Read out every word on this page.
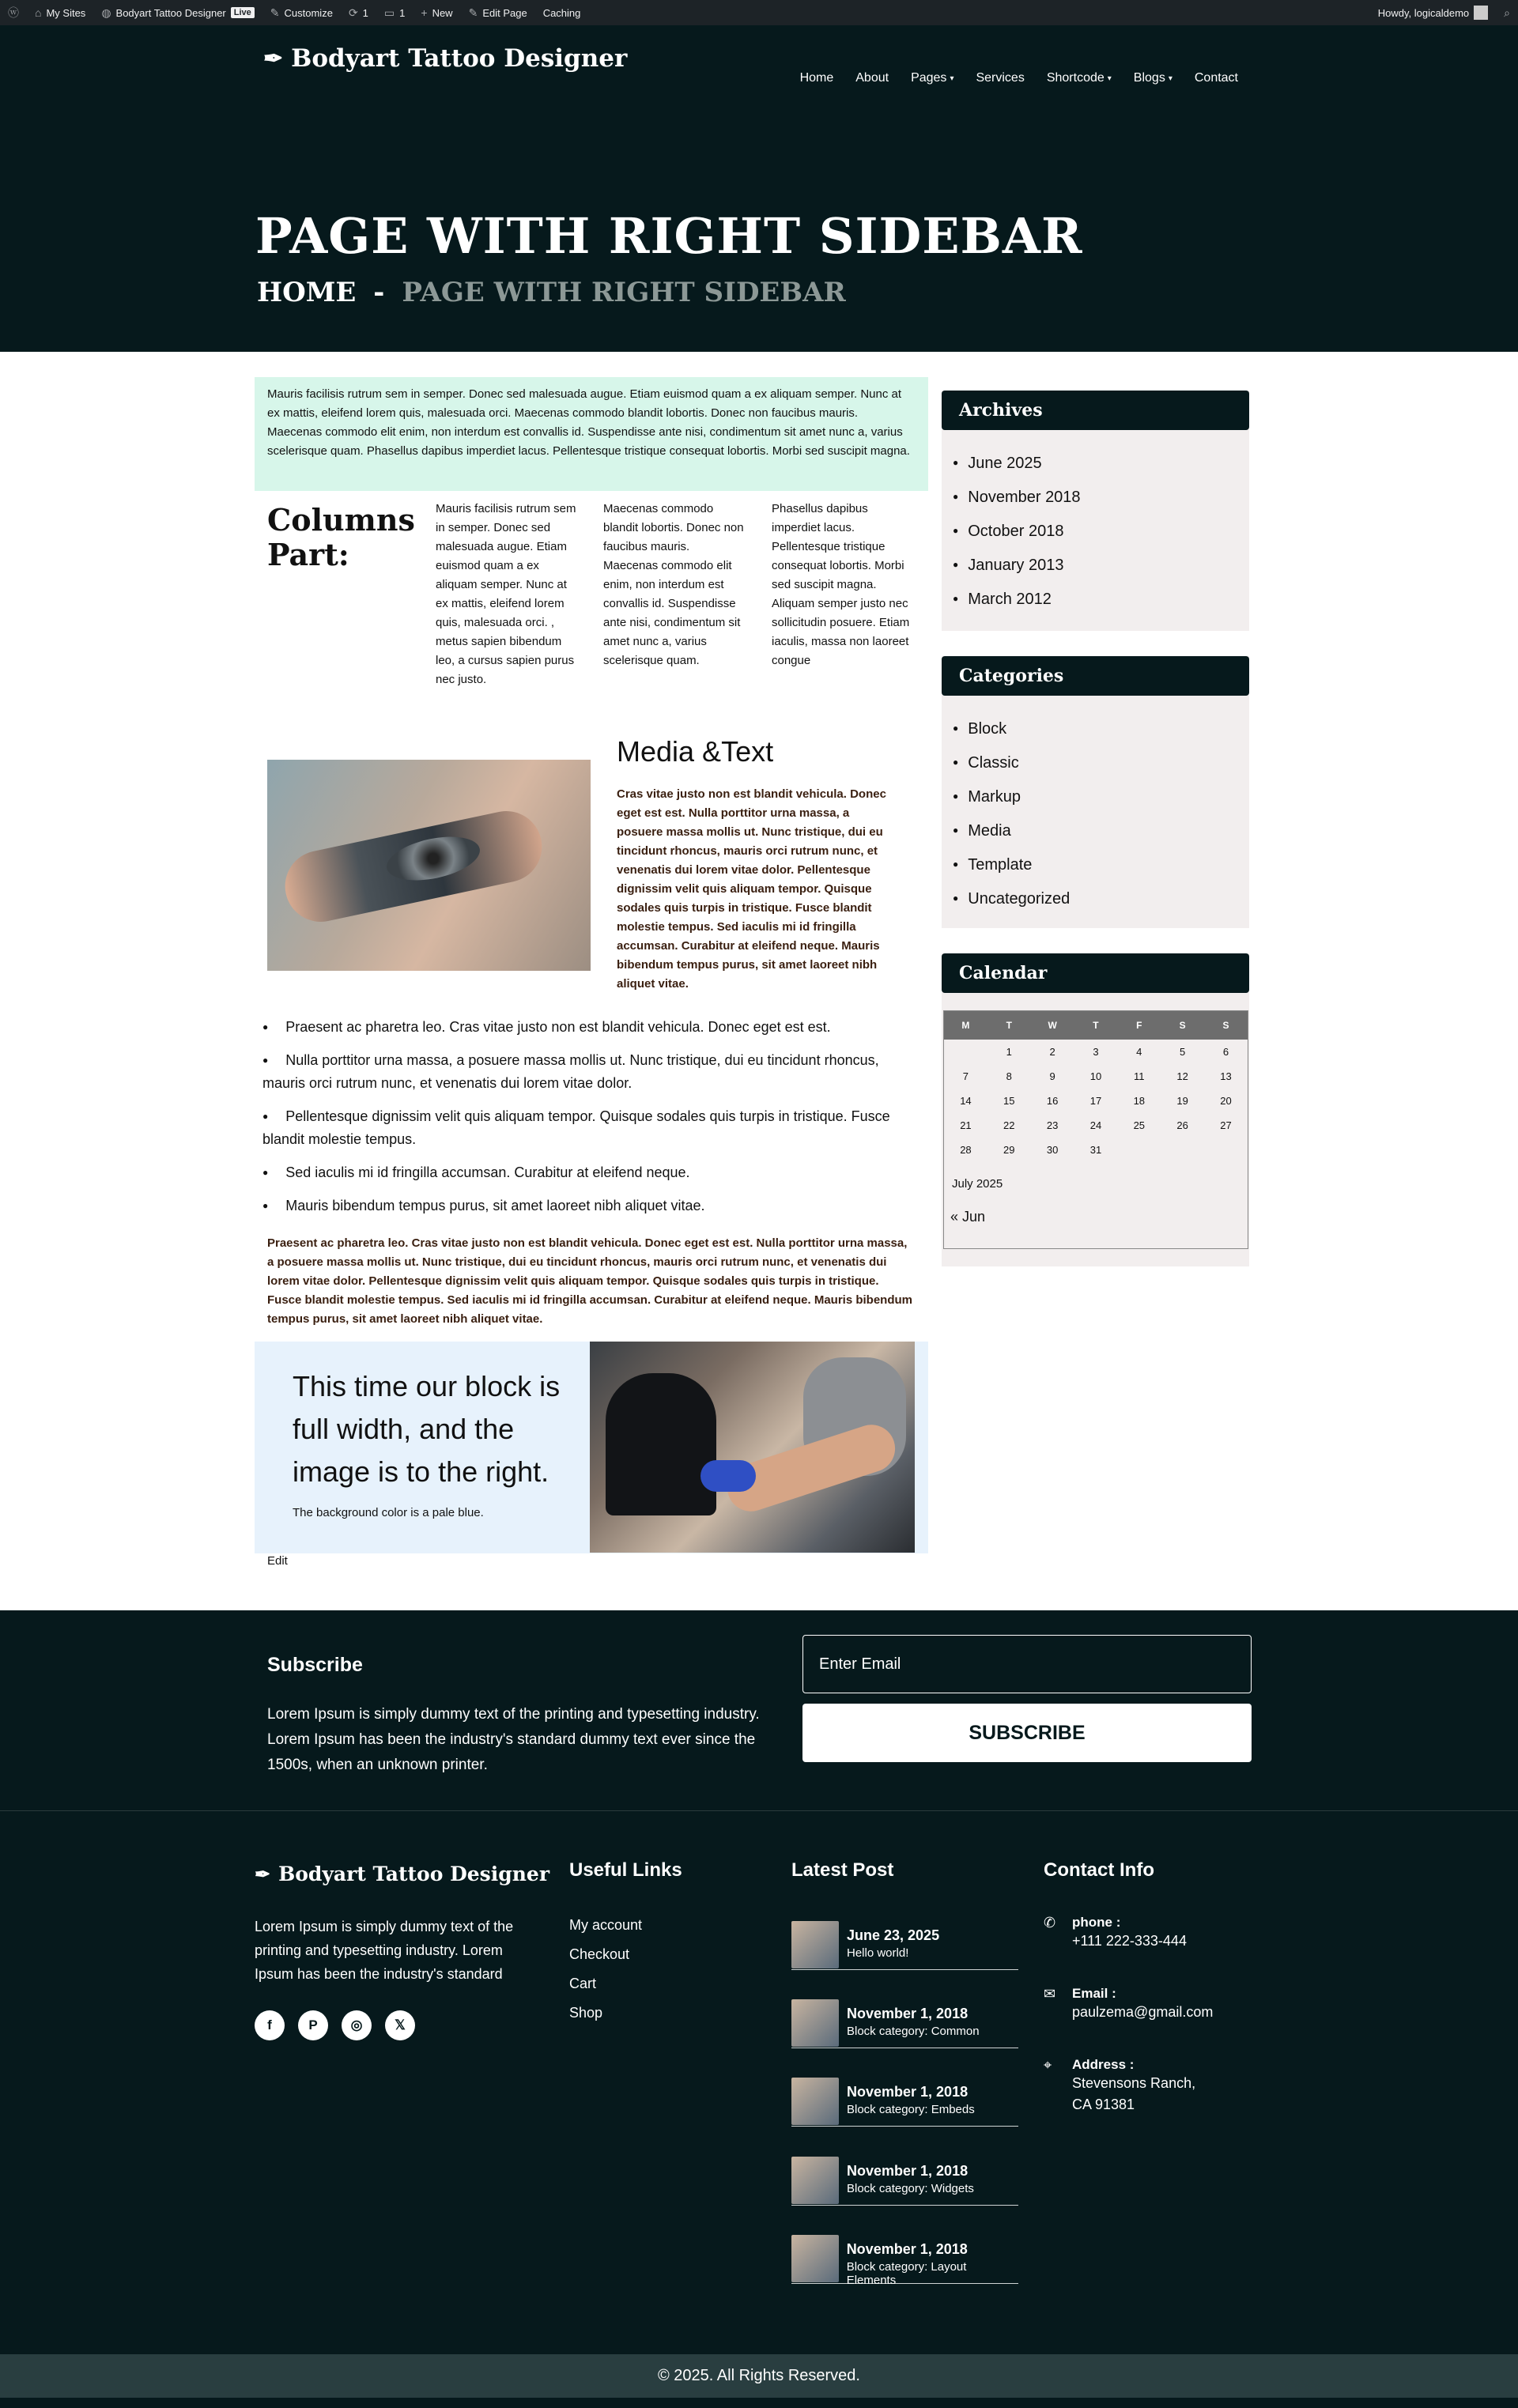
ⓦ ⌂ My Sites ◍ Bodyart Tattoo Designer Live ✎ Customize ⟳ 1 ▭ 1 + New ✎ Edit Page Caching	Howdy, logicaldemo	⌕
✒ Bodyart Tattoo Designer
Home About Pages ▾ Services Shortcode ▾ Blogs ▾ Contact
PAGE WITH RIGHT SIDEBAR
HOME - PAGE WITH RIGHT SIDEBAR
Mauris facilisis rutrum sem in semper. Donec sed malesuada augue. Etiam euismod quam a ex aliquam semper. Nunc at ex mattis, eleifend lorem quis, malesuada orci. Maecenas commodo blandit lobortis. Donec non faucibus mauris. Maecenas commodo elit enim, non interdum est convallis id. Suspendisse ante nisi, condimentum sit amet nunc a, varius scelerisque quam. Phasellus dapibus imperdiet lacus. Pellentesque tristique consequat lobortis. Morbi sed suscipit magna.
Columns Part:
Mauris facilisis rutrum sem in semper. Donec sed malesuada augue. Etiam euismod quam a ex aliquam semper. Nunc at ex mattis, eleifend lorem quis, malesuada orci. , metus sapien bibendum leo, a cursus sapien purus nec justo.
Maecenas commodo blandit lobortis. Donec non faucibus mauris. Maecenas commodo elit enim, non interdum est convallis id. Suspendisse ante nisi, condimentum sit amet nunc a, varius scelerisque quam.
Phasellus dapibus imperdiet lacus. Pellentesque tristique consequat lobortis. Morbi sed suscipit magna. Aliquam semper justo nec sollicitudin posuere. Etiam iaculis, massa non laoreet congue
Media &Text
Cras vitae justo non est blandit vehicula. Donec eget est est. Nulla porttitor urna massa, a posuere massa mollis ut. Nunc tristique, dui eu tincidunt rhoncus, mauris orci rutrum nunc, et venenatis dui lorem vitae dolor. Pellentesque dignissim velit quis aliquam tempor. Quisque sodales quis turpis in tristique. Fusce blandit molestie tempus. Sed iaculis mi id fringilla accumsan. Curabitur at eleifend neque. Mauris bibendum tempus purus, sit amet laoreet nibh aliquet vitae.
● Praesent ac pharetra leo. Cras vitae justo non est blandit vehicula. Donec eget est est.
● Nulla porttitor urna massa, a posuere massa mollis ut. Nunc tristique, dui eu tincidunt rhoncus, mauris orci rutrum nunc, et venenatis dui lorem vitae dolor.
● Pellentesque dignissim velit quis aliquam tempor. Quisque sodales quis turpis in tristique. Fusce blandit molestie tempus.
● Sed iaculis mi id fringilla accumsan. Curabitur at eleifend neque.
● Mauris bibendum tempus purus, sit amet laoreet nibh aliquet vitae.
Praesent ac pharetra leo. Cras vitae justo non est blandit vehicula. Donec eget est est. Nulla porttitor urna massa, a posuere massa mollis ut. Nunc tristique, dui eu tincidunt rhoncus, mauris orci rutrum nunc, et venenatis dui lorem vitae dolor. Pellentesque dignissim velit quis aliquam tempor. Quisque sodales quis turpis in tristique. Fusce blandit molestie tempus. Sed iaculis mi id fringilla accumsan. Curabitur at eleifend neque. Mauris bibendum tempus purus, sit amet laoreet nibh aliquet vitae.
This time our block is full width, and the image is to the right.
The background color is a pale blue.
Edit
Archives
● June 2025
● November 2018
● October 2018
● January 2013
● March 2012
Categories
● Block
● Classic
● Markup
● Media
● Template
● Uncategorized
Calendar
M	T	W	T	F	S	S
	1	2	3	4	5	6
7	8	9	10	11	12	13
14	15	16	17	18	19	20
21	22	23	24	25	26	27
28	29	30	31			
July 2025
« Jun
Subscribe
Lorem Ipsum is simply dummy text of the printing and typesetting industry. Lorem Ipsum has been the industry's standard dummy text ever since the 1500s, when an unknown printer.
Enter Email
SUBSCRIBE
✒ Bodyart Tattoo Designer
Lorem Ipsum is simply dummy text of the printing and typesetting industry. Lorem Ipsum has been the industry's standard
f	P	◎	𝕏
Useful Links
My account
Checkout
Cart
Shop
Latest Post
June 23, 2025
Hello world!
November 1, 2018
Block category: Common
November 1, 2018
Block category: Embeds
November 1, 2018
Block category: Widgets
November 1, 2018
Block category: Layout Elements
Contact Info
✆ phone :
+111 222-333-444
✉ Email :
paulzema@gmail.com
⌖ Address :
Stevensons Ranch,
CA 91381
© 2025. All Rights Reserved.
